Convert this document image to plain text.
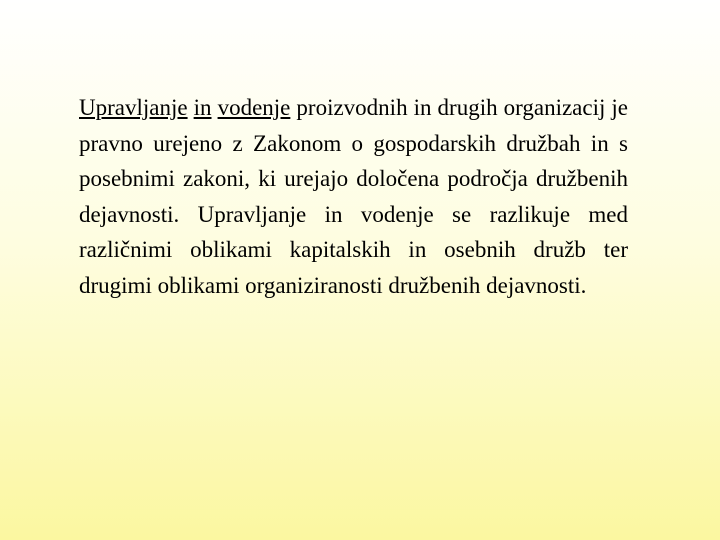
Upravljanje in vodenje proizvodnih in drugih organizacij je pravno urejeno z Zakonom o gospodarskih družbah in s posebnimi zakoni, ki urejajo določena področja družbenih dejavnosti. Upravljanje in vodenje se razlikuje med različnimi oblikami kapitalskih in osebnih družb ter drugimi oblikami organiziranosti družbenih dejavnosti.
